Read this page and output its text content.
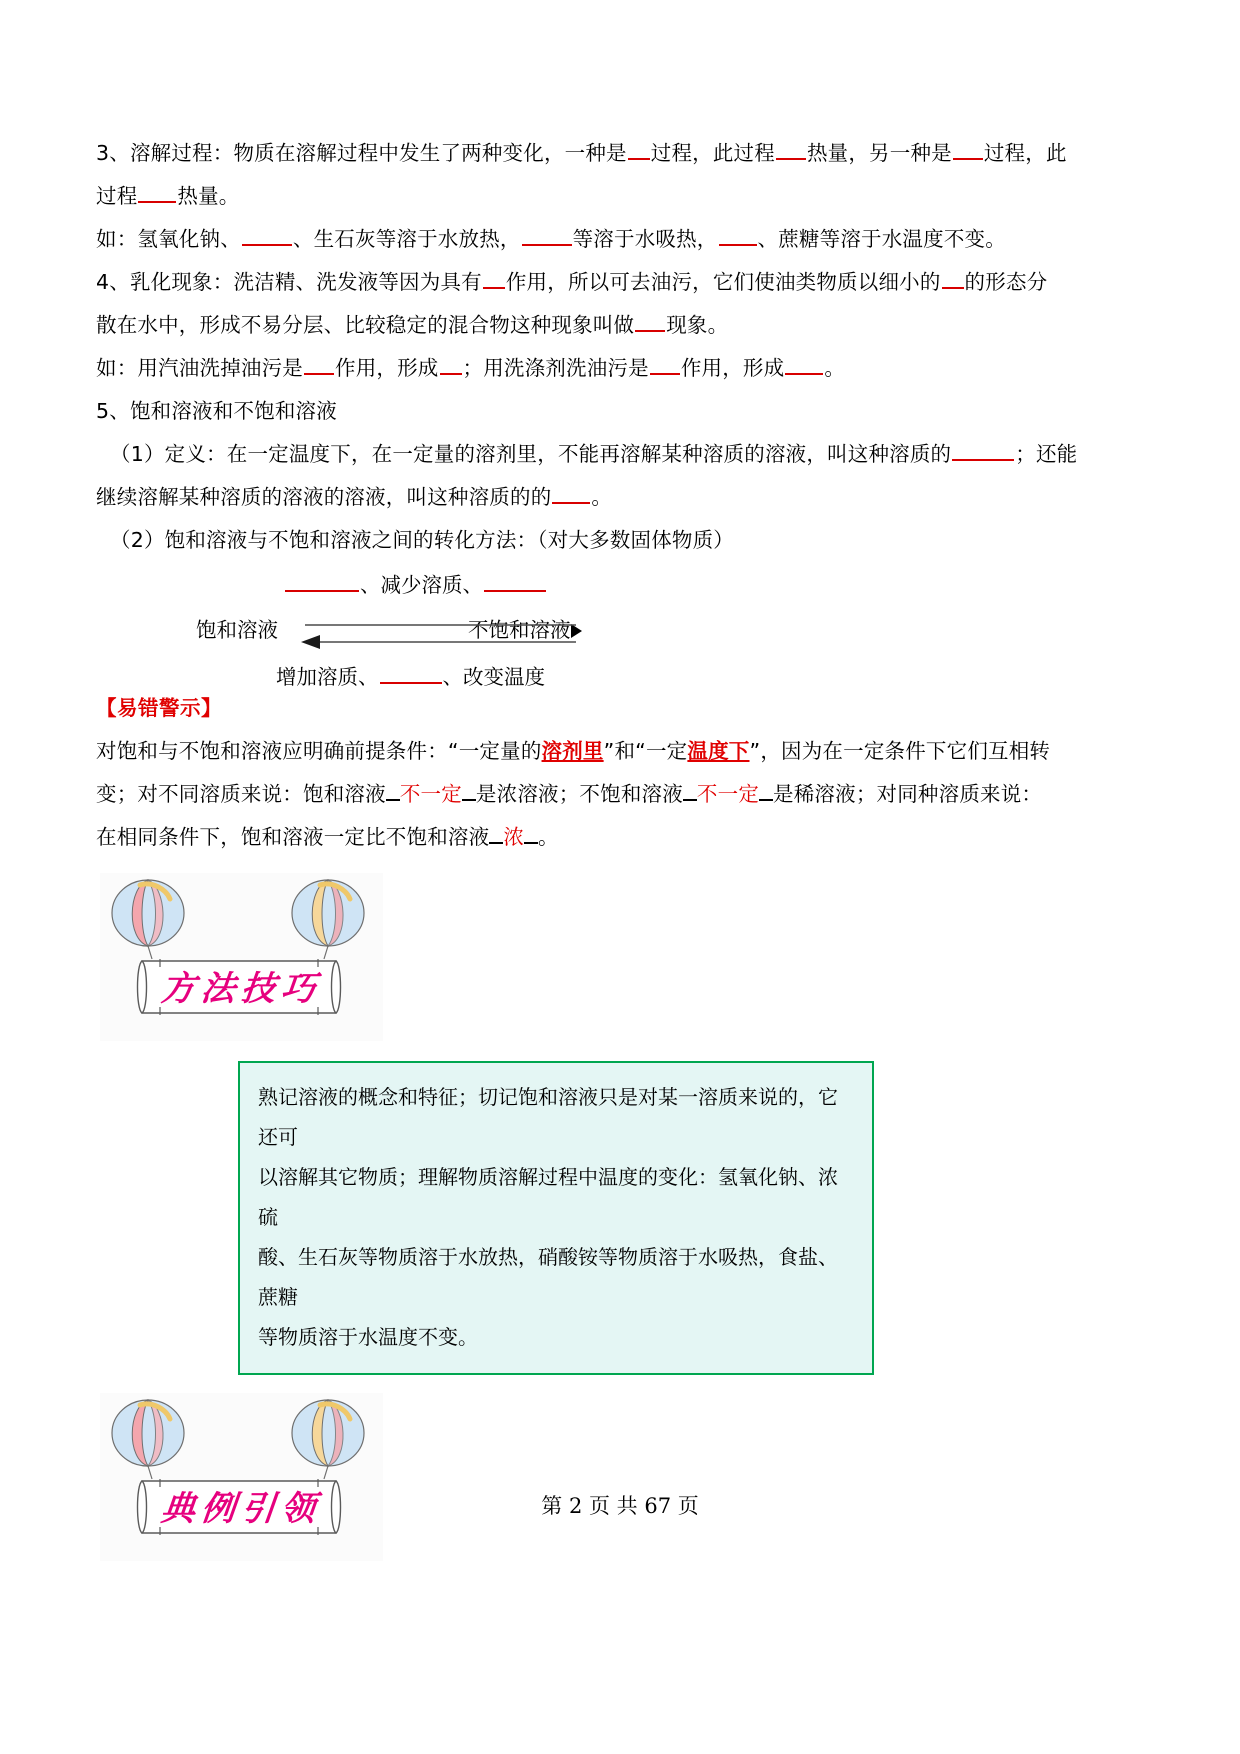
3、溶解过程：物质在溶解过程中发生了两种变化，一种是 过程，此过程 热量，另一种是 过程，此
过程 热量。
如：氢氧化钠、	、生石灰等溶于水放热，	等溶于水吸热， 、蔗糖等溶于水温度不变。
4、乳化现象：洗洁精、洗发液等因为具有 作用，所以可去油污，它们使油类物质以细小的 的形态分
散在水中，形成不易分层、比较稳定的混合物这种现象叫做 现象。
如：用汽油洗掉油污是 作用，形成 ；用洗涤剂洗油污是 作用，形成 。
5、饱和溶液和不饱和溶液
（1）定义：在一定温度下，在一定量的溶剂里，不能再溶解某种溶质的溶液，叫这种溶质的	；还能
继续溶解某种溶质的溶液的溶液，叫这种溶质的的 。
（2）饱和溶液与不饱和溶液之间的转化方法：（对大多数固体物质）
、减少溶质、
饱和溶液	不饱和溶液
增加溶质、	、改变温度
【易错警示】
对饱和与不饱和溶液应明确前提条件：“一定量的溶剂里”和“一定温度下”，因为在一定条件下它们互相转
变；对不同溶质来说：饱和溶液 不一定 是浓溶液；不饱和溶液 不一定 是稀溶液；对同种溶质来说：
在相同条件下，饱和溶液一定比不饱和溶液 浓 。
方法技巧

熟记溶液的概念和特征；切记饱和溶液只是对某一溶质来说的，它还可

以溶解其它物质；理解物质溶解过程中温度的变化：氢氧化钠、浓硫

酸、生石灰等物质溶于水放热，硝酸铵等物质溶于水吸热，食盐、蔗糖

等物质溶于水温度不变。

典例引领	第 2 页 共 67 页
